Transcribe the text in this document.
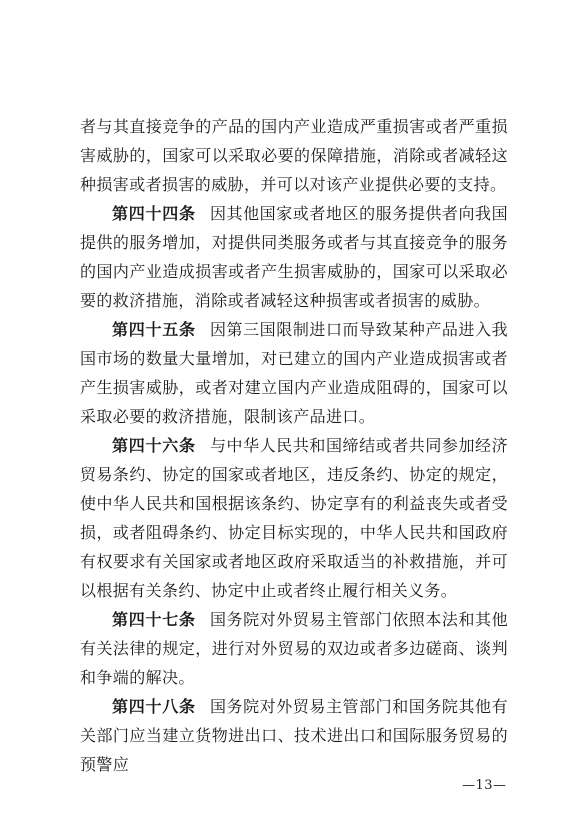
者与其直接竞争的产品的国内产业造成严重损害或者严重损害威胁的，国家可以采取必要的保障措施，消除或者减轻这种损害或者损害的威胁，并可以对该产业提供必要的支持。

第四十四条 因其他国家或者地区的服务提供者向我国提供的服务增加，对提供同类服务或者与其直接竞争的服务的国内产业造成损害或者产生损害威胁的，国家可以采取必要的救济措施，消除或者减轻这种损害或者损害的威胁。

第四十五条 因第三国限制进口而导致某种产品进入我国市场的数量大量增加，对已建立的国内产业造成损害或者产生损害威胁，或者对建立国内产业造成阻碍的，国家可以采取必要的救济措施，限制该产品进口。

第四十六条 与中华人民共和国缔结或者共同参加经济贸易条约、协定的国家或者地区，违反条约、协定的规定，使中华人民共和国根据该条约、协定享有的利益丧失或者受损，或者阻碍条约、协定目标实现的，中华人民共和国政府有权要求有关国家或者地区政府采取适当的补救措施，并可以根据有关条约、协定中止或者终止履行相关义务。

第四十七条 国务院对外贸易主管部门依照本法和其他有关法律的规定，进行对外贸易的双边或者多边磋商、谈判和争端的解决。

第四十八条 国务院对外贸易主管部门和国务院其他有关部门应当建立货物进出口、技术进出口和国际服务贸易的预警应

—13—
